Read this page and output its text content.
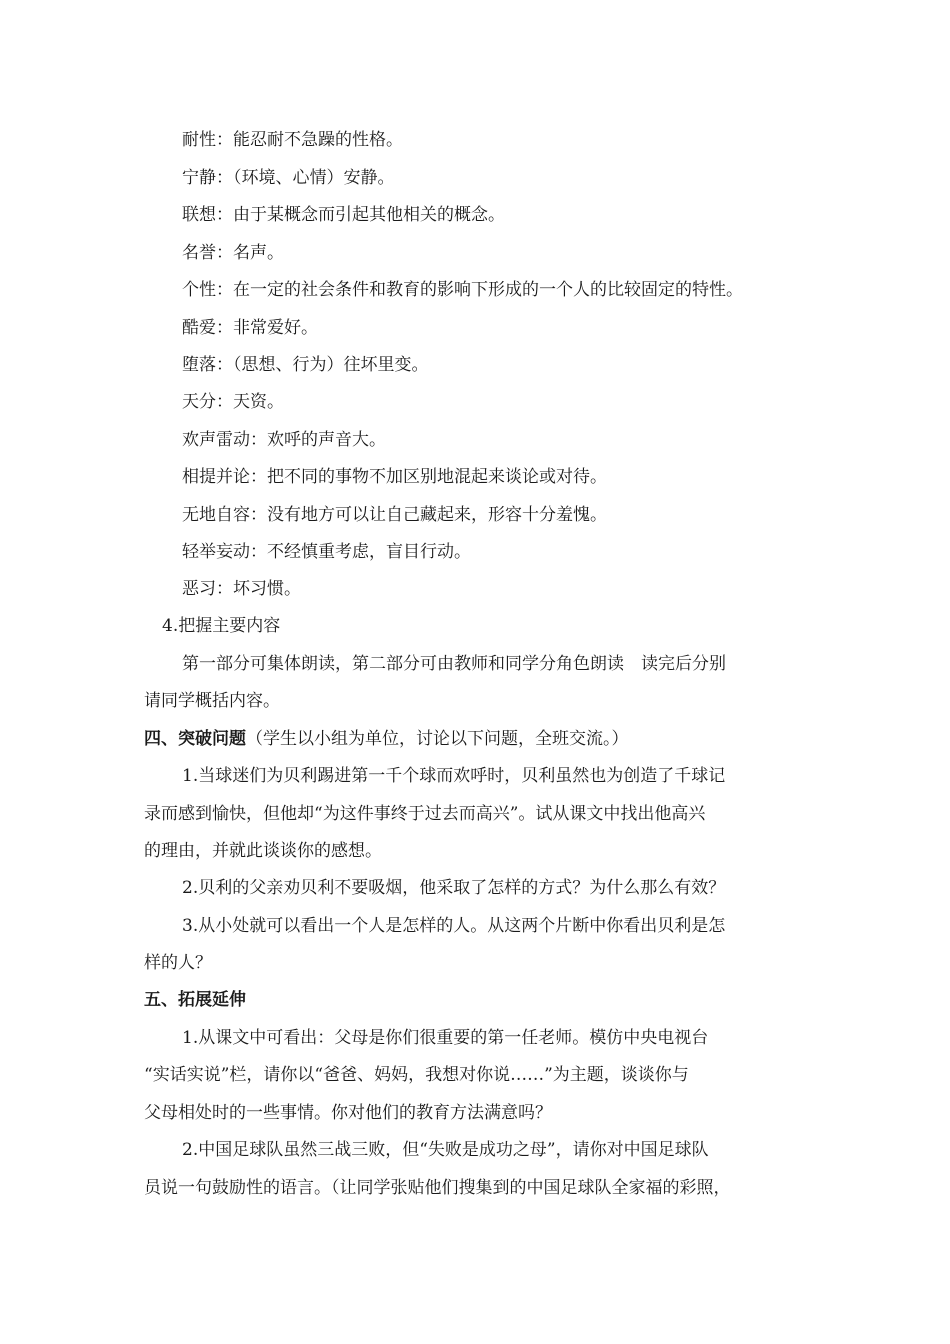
耐性：能忍耐不急躁的性格。
宁静：（环境、心情）安静。
联想：由于某概念而引起其他相关的概念。
名誉：名声。
个性：在一定的社会条件和教育的影响下形成的一个人的比较固定的特性。
酷爱：非常爱好。
堕落：（思想、行为）往坏里变。
天分：天资。
欢声雷动：欢呼的声音大。
相提并论：把不同的事物不加区别地混起来谈论或对待。
无地自容：没有地方可以让自己藏起来，形容十分羞愧。
轻举妄动：不经慎重考虑，盲目行动。
恶习：坏习惯。
4.把握主要内容
第一部分可集体朗读，第二部分可由教师和同学分角色朗读　读完后分别
请同学概括内容。
四、突破问题（学生以小组为单位，讨论以下问题，全班交流。）
1.当球迷们为贝利踢进第一千个球而欢呼时，贝利虽然也为创造了千球记
录而感到愉快，但他却“为这件事终于过去而高兴”。试从课文中找出他高兴
的理由，并就此谈谈你的感想。
2.贝利的父亲劝贝利不要吸烟，他采取了怎样的方式？为什么那么有效？
3.从小处就可以看出一个人是怎样的人。从这两个片断中你看出贝利是怎
样的人？
五、拓展延伸
1.从课文中可看出：父母是你们很重要的第一任老师。模仿中央电视台
“实话实说”栏，请你以“爸爸、妈妈，我想对你说……”为主题，谈谈你与
父母相处时的一些事情。你对他们的教育方法满意吗？
2.中国足球队虽然三战三败，但“失败是成功之母”，请你对中国足球队
员说一句鼓励性的语言。（让同学张贴他们搜集到的中国足球队全家福的彩照，
